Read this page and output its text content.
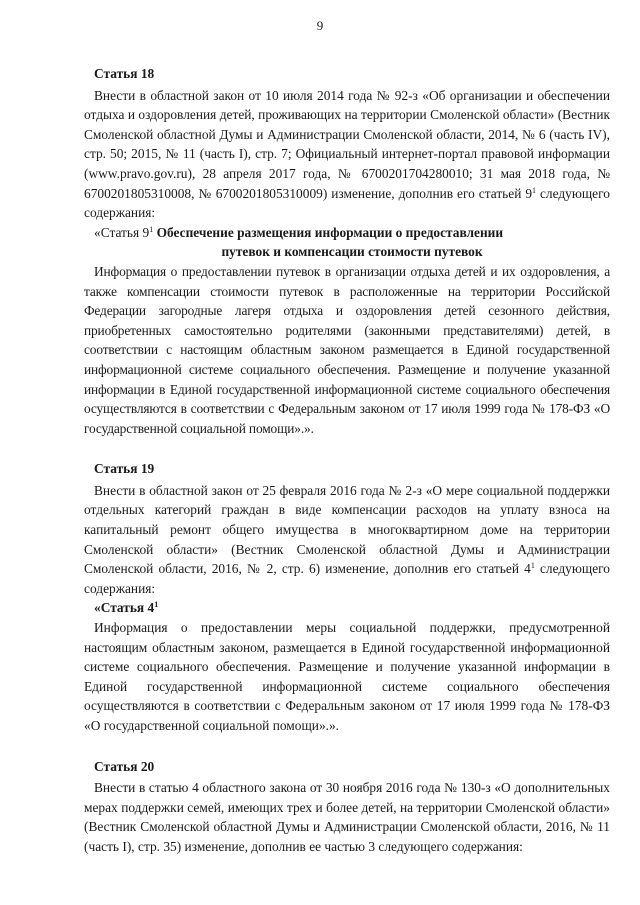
9
Статья 18

Внести в областной закон от 10 июля 2014 года № 92-з «Об организации и обеспечении отдыха и оздоровления детей, проживающих на территории Смоленской области» (Вестник Смоленской областной Думы и Администрации Смоленской области, 2014, № 6 (часть IV), стр. 50; 2015, № 11 (часть I), стр. 7; Официальный интернет-портал правовой информации (www.pravo.gov.ru), 28 апреля 2017 года, № 6700201704280010; 31 мая 2018 года, № 6700201805310008, № 6700201805310009) изменение, дополнив его статьей $9^1$ следующего содержания:

«Статья $9^1$ Обеспечение размещения информации о предоставлении

путевок и компенсации стоимости путевок

Информация о предоставлении путевок в организации отдыха детей и их оздоровления, а также компенсации стоимости путевок в расположенные на территории Российской Федерации загородные лагеря отдыха и оздоровления детей сезонного действия, приобретенных самостоятельно родителями (законными представителями) детей, в соответствии с настоящим областным законом размещается в Единой государственной информационной системе социального обеспечения. Размещение и получение указанной информации в Единой государственной информационной системе социального обеспечения осуществляются в соответствии с Федеральным законом от 17 июля 1999 года № 178-ФЗ «О государственной социальной помощи».».

Статья 19

Внести в областной закон от 25 февраля 2016 года № 2-з «О мере социальной поддержки отдельных категорий граждан в виде компенсации расходов на уплату взноса на капитальный ремонт общего имущества в многоквартирном доме на территории Смоленской области» (Вестник Смоленской областной Думы и Администрации Смоленской области, 2016, № 2, стр. 6) изменение, дополнив его статьей $4^1$ следующего содержания:

«Статья $4^1$

Информация о предоставлении меры социальной поддержки, предусмотренной настоящим областным законом, размещается в Единой государственной информационной системе социального обеспечения. Размещение и получение указанной информации в Единой государственной информационной системе социального обеспечения осуществляются в соответствии с Федеральным законом от 17 июля 1999 года № 178-ФЗ «О государственной социальной помощи».».

Статья 20

Внести в статью 4 областного закона от 30 ноября 2016 года № 130-з «О дополнительных мерах поддержки семей, имеющих трех и более детей, на территории Смоленской области» (Вестник Смоленской областной Думы и Администрации Смоленской области, 2016, № 11 (часть I), стр. 35) изменение, дополнив ее частью 3 следующего содержания:
